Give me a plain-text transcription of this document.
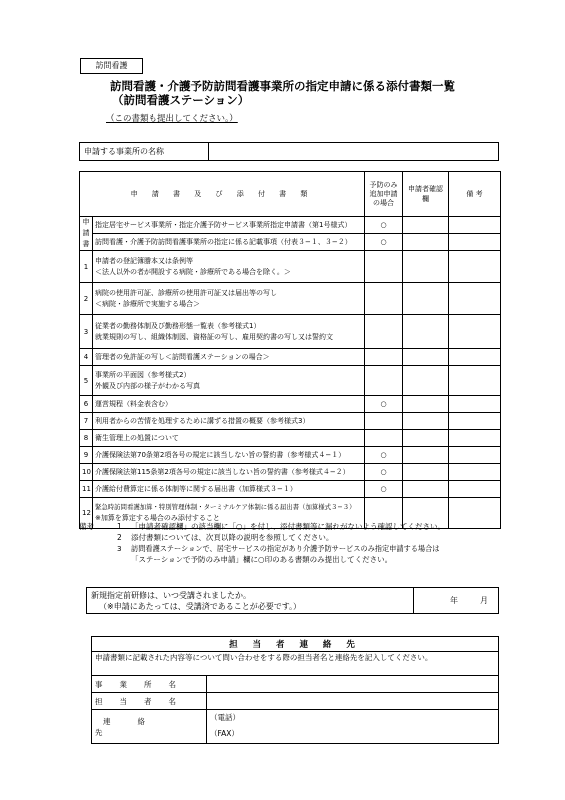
訪問看護
訪問看護・介護予防訪問看護事業所の指定申請に係る添付書類一覧
（訪問看護ステーション）
（この書類も提出してください。）
申請する事業所の名称	
申 請 書 及 び 添 付 書 類		予防のみ追加申請の場合	申請者確認欄	備 考
申請書	指定居宅サービス事業所・指定介護予防サービス事業所指定申請書（第1号様式）	○		
	訪問看護・介護予防訪問看護事業所の指定に係る記載事項（付表３−１、３−２）	○		
1	申請者の登記簿謄本又は条例等
＜法人以外の者が開設する病院・診療所である場合を除く。＞			

2	病院の使用許可証、診療所の使用許可証又は届出等の写し
＜病院・診療所で実施する場合＞			

3	従業者の勤務体制及び勤務形態一覧表（参考様式1）
就業規則の写し、組織体制図、資格証の写し、雇用契約書の写し又は誓約文			

4	管理者の免許証の写し＜訪問看護ステーションの場合＞			

5	事業所の平面図（参考様式2）
外観及び内部の様子がわかる写真			

6	運営規程（料金表含む）	○		
7	利用者からの苦情を処理するために講ずる措置の概要（参考様式3）			

8	衛生管理上の処置について			

9	介護保険法第70条第2項各号の規定に該当しない旨の誓約書（参考様式４−１）	○		
10	介護保険法第115条第2項各号の規定に該当しない旨の誓約書（参考様式４−２）	○		
11	介護給付費算定に係る体制等に関する届出書（加算様式３−１）	○		
12	緊急時訪問看護加算・特別管理体制・ターミナルケア体制に係る届出書（加算様式３−３）
※加算を算定する場合のみ添付すること			

備考	1 「申請者確認欄」の該当欄に「○」を付し、添付書類等に漏れがないよう確認してください。
2 添付書類については、次頁以降の説明を参照してください。
3 訪問看護ステーションで、居宅サービスの指定があり介護予防サービスのみ指定申請する場合は
「ステーションで予防のみ申請」欄に○印のある書類のみ提出してください。
新規指定前研修は、いつ受講されましたか。
（※申請にあたっては、受講済であることが必要です。）

年	月
担 当 者 連 絡 先	
申請書類に記載された内容等について問い合わせをする際の担当者名と連絡先を記入してください。	

事業所名	

担当者名	
連絡先	（電話）
（FAX）
